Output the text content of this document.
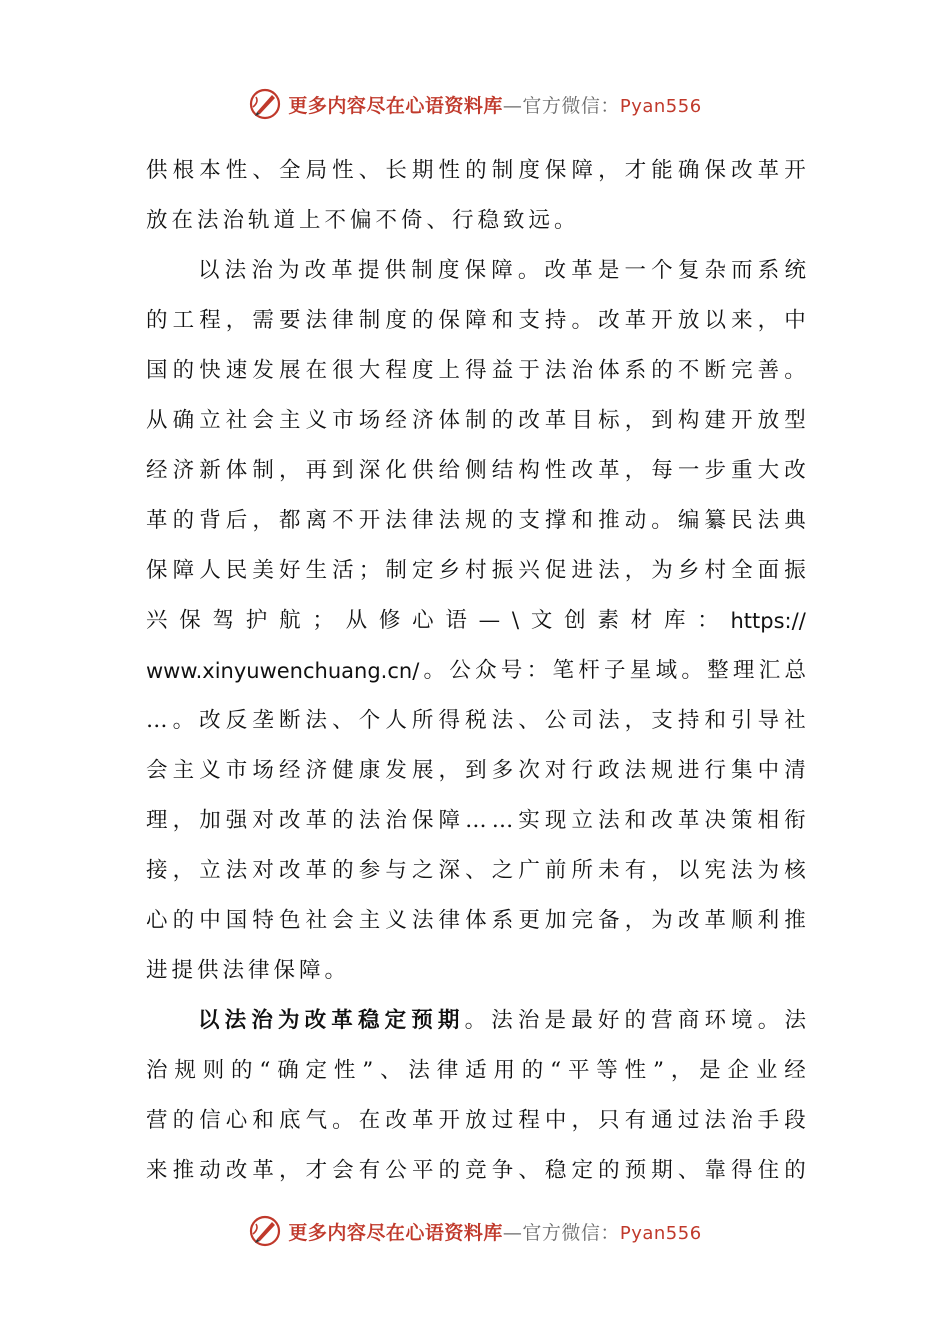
更多内容尽在心语资料库—官方微信：Pyan556
供 根 本 性 、 全 局 性 、 长 期 性 的 制 度 保 障 ， 才 能 确 保 改 革 开
放在法治轨道上不偏不倚、行稳致远。
以 法 治 为 改 革 提 供 制 度 保 障 。 改 革 是 一 个 复 杂 而 系 统
的 工 程 ， 需 要 法 律 制 度 的 保 障 和 支 持 。 改 革 开 放 以 来 ， 中
国 的 快 速 发 展 在 很 大 程 度 上 得 益 于 法 治 体 系 的 不 断 完 善 。
从 确 立 社 会 主 义 市 场 经 济 体 制 的 改 革 目 标 ， 到 构 建 开 放 型
经 济 新 体 制 ， 再 到 深 化 供 给 侧 结 构 性 改 革 ， 每 一 步 重 大 改
革 的 背 后 ， 都 离 不 开 法 律 法 规 的 支 撑 和 推 动 。 编 纂 民 法 典
保 障 人 民 美 好 生 活 ； 制 定 乡 村 振 兴 促 进 法 ， 为 乡 村 全 面 振
兴 保 驾 护 航 ； 从 修 心 语 — \ 文 创 素 材 库 ： https://
www.xinyuwenchuang.cn/ 。 公 众 号 ： 笔 杆 子 星 域 。 整 理 汇 总
… 。 改 反 垄 断 法 、 个 人 所 得 税 法 、 公 司 法 ， 支 持 和 引 导 社
会 主 义 市 场 经 济 健 康 发 展 ， 到 多 次 对 行 政 法 规 进 行 集 中 清
理 ， 加 强 对 改 革 的 法 治 保 障 … … 实 现 立 法 和 改 革 决 策 相 衔
接 ， 立 法 对 改 革 的 参 与 之 深 、 之 广 前 所 未 有 ， 以 宪 法 为 核
心 的 中 国 特 色 社 会 主 义 法 律 体 系 更 加 完 备 ， 为 改 革 顺 利 推
进提供法律保障。
以 法 治 为 改 革 稳 定 预 期 。 法 治 是 最 好 的 营 商 环 境 。 法
治 规 则 的 “ 确 定 性 ” 、 法 律 适 用 的 “ 平 等 性 ” ， 是 企 业 经
营 的 信 心 和 底 气 。 在 改 革 开 放 过 程 中 ， 只 有 通 过 法 治 手 段
来 推 动 改 革 ， 才 会 有 公 平 的 竞 争 、 稳 定 的 预 期 、 靠 得 住 的
更多内容尽在心语资料库—官方微信：Pyan556
